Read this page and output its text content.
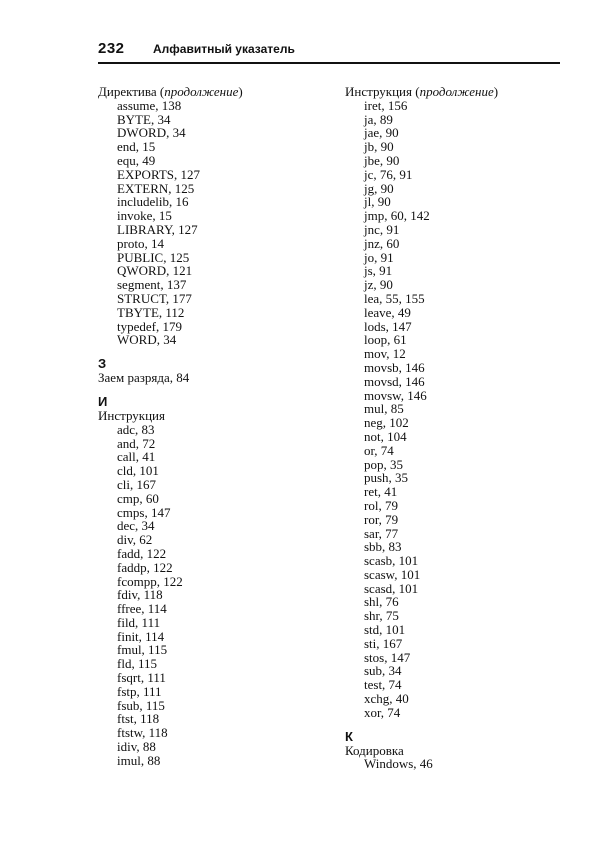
232 Алфавитный указатель
Директива (продолжение)
assume, 138
BYTE, 34
DWORD, 34
end, 15
equ, 49
EXPORTS, 127
EXTERN, 125
includelib, 16
invoke, 15
LIBRARY, 127
proto, 14
PUBLIC, 125
QWORD, 121
segment, 137
STRUCT, 177
TBYTE, 112
typedef, 179
WORD, 34
З
Заем разряда, 84
И
Инструкция
adc, 83
and, 72
call, 41
cld, 101
cli, 167
cmp, 60
cmps, 147
dec, 34
div, 62
fadd, 122
faddp, 122
fcompp, 122
fdiv, 118
ffree, 114
fild, 111
finit, 114
fmul, 115
fld, 115
fsqrt, 111
fstp, 111
fsub, 115
ftst, 118
ftstw, 118
idiv, 88
imul, 88
Инструкция (продолжение)
iret, 156
ja, 89
jae, 90
jb, 90
jbe, 90
jc, 76, 91
jg, 90
jl, 90
jmp, 60, 142
jnc, 91
jnz, 60
jo, 91
js, 91
jz, 90
lea, 55, 155
leave, 49
lods, 147
loop, 61
mov, 12
movsb, 146
movsd, 146
movsw, 146
mul, 85
neg, 102
not, 104
or, 74
pop, 35
push, 35
ret, 41
rol, 79
ror, 79
sar, 77
sbb, 83
scasb, 101
scasw, 101
scasd, 101
shl, 76
shr, 75
std, 101
sti, 167
stos, 147
sub, 34
test, 74
xchg, 40
xor, 74
К
Кодировка
Windows, 46
